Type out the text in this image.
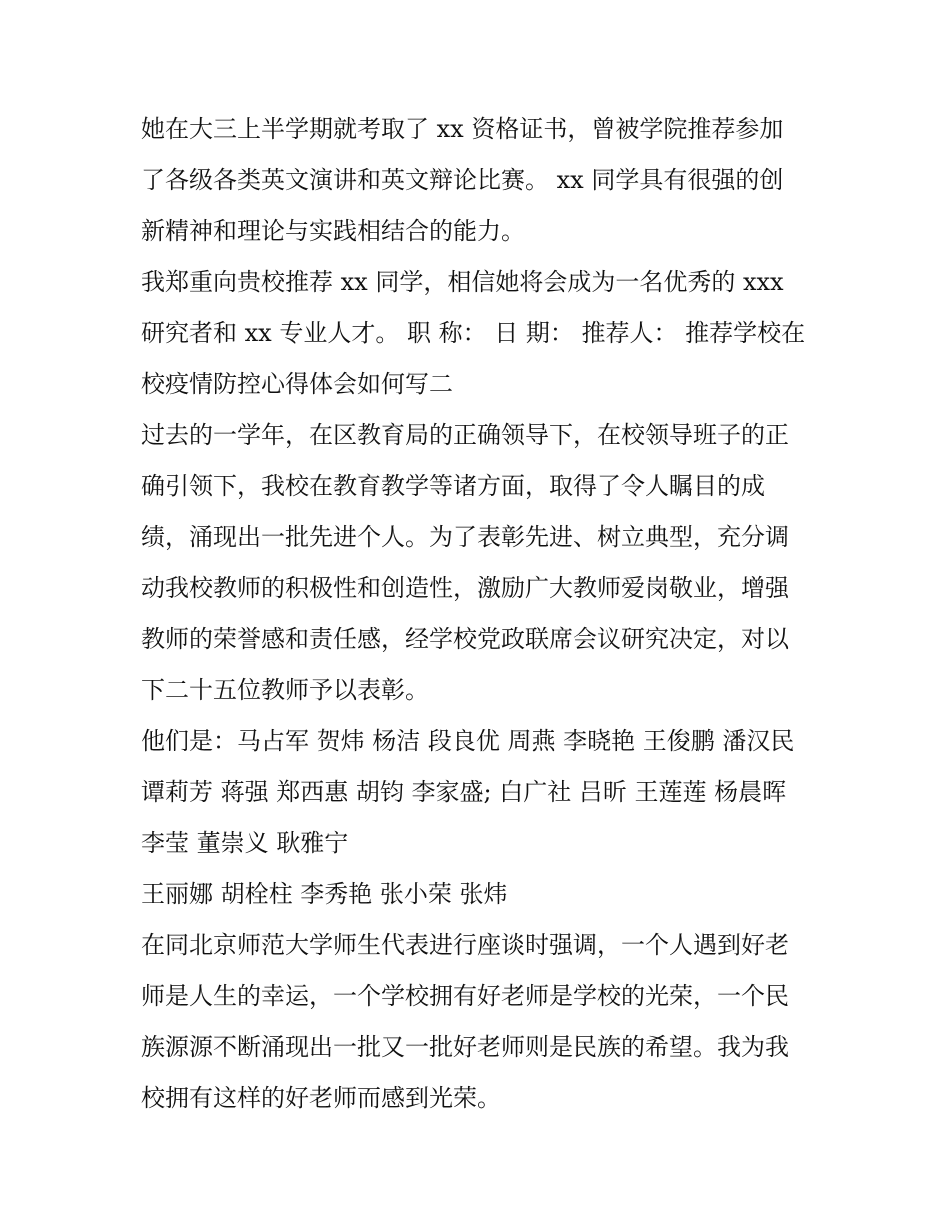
她在大三上半学期就考取了 xx 资格证书，曾被学院推荐参加
了各级各类英文演讲和英文辩论比赛。 xx 同学具有很强的创
新精神和理论与实践相结合的能力。
我郑重向贵校推荐 xx 同学，相信她将会成为一名优秀的 xxx
研究者和 xx 专业人才。 职 称： 日 期： 推荐人： 推荐学校在
校疫情防控心得体会如何写二
过去的一学年，在区教育局的正确领导下，在校领导班子的正
确引领下，我校在教育教学等诸方面，取得了令人瞩目的成
绩，涌现出一批先进个人。为了表彰先进、树立典型，充分调
动我校教师的积极性和创造性，激励广大教师爱岗敬业，增强
教师的荣誉感和责任感，经学校党政联席会议研究决定，对以
下二十五位教师予以表彰。
他们是：马占军 贺炜 杨洁 段良优 周燕 李晓艳 王俊鹏 潘汉民
谭莉芳 蒋强 郑西惠 胡钧 李家盛; 白广社 吕昕 王莲莲 杨晨晖
李莹 董崇义 耿雅宁
王丽娜 胡栓柱 李秀艳 张小荣 张炜
在同北京师范大学师生代表进行座谈时强调，一个人遇到好老
师是人生的幸运，一个学校拥有好老师是学校的光荣，一个民
族源源不断涌现出一批又一批好老师则是民族的希望。我为我
校拥有这样的好老师而感到光荣。
